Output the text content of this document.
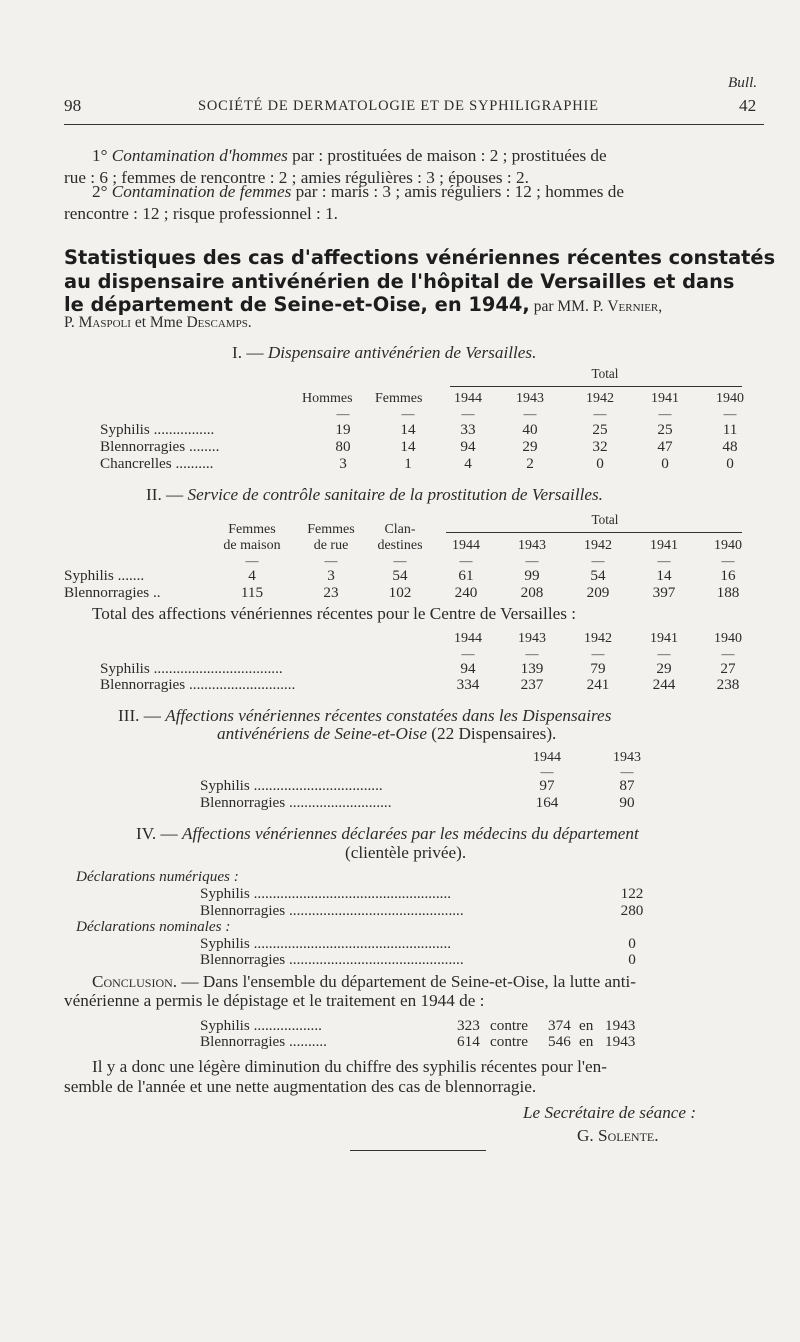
Bull.
98	SOCIÉTÉ DE DERMATOLOGIE ET DE SYPHILIGRAPHIE	42
1° Contamination d'hommes par : prostituées de maison : 2 ; prostituées de
rue : 6 ; femmes de rencontre : 2 ; amies régulières : 3 ; épouses : 2.
2° Contamination de femmes par : maris : 3 ; amis réguliers : 12 ; hommes de
rencontre : 12 ; risque professionnel : 1.
Statistiques des cas d'affections vénériennes récentes constatés
au dispensaire antivénérien de l'hôpital de Versailles et dans
le département de Seine-et-Oise, en 1944, par MM. P. Vernier,
P. Maspoli et Mme Descamps.
I. — Dispensaire antivénérien de Versailles.
Total
Hommes Femmes	1944	1943	1942	1941	1940
—	—	—	—	—	—	—
Syphilis ................	19	14	33	40	25	25	11
Blennorragies ........	80	14	94	29	32	47	48
Chancrelles ..........	3	1	4	2	0	0	0
II. — Service de contrôle sanitaire de la prostitution de Versailles.
Total
Femmes	Femmes	Clan-
de maison	de rue	destines	1944	1943	1942	1941	1940
—	—	—	—	—	—	—	—
Syphilis .......	4	3	54	61	99	54	14	16
Blennorragies ..	115	23	102	240	208	209	397	188
Total des affections vénériennes récentes pour le Centre de Versailles :
1944	1943	1942	1941	1940
—	—	—	—	—
Syphilis ..................................	94	139	79	29	27
Blennorragies ............................	334	237	241	244	238
III. — Affections vénériennes récentes constatées dans les Dispensaires
antivénériens de Seine-et-Oise (22 Dispensaires).
1944	1943
—	—
Syphilis ..................................	97	87
Blennorragies ...........................	164	90
IV. — Affections vénériennes déclarées par les médecins du département
(clientèle privée).
Déclarations numériques :
Syphilis ....................................................	122
Blennorragies ..............................................	280
Déclarations nominales :
Syphilis ....................................................	0
Blennorragies ..............................................	0
Conclusion. — Dans l'ensemble du département de Seine-et-Oise, la lutte anti-
vénérienne a permis le dépistage et le traitement en 1944 de :
Syphilis ..................	323 contre 374 en 1943
Blennorragies ..........	614 contre 546 en 1943
Il y a donc une légère diminution du chiffre des syphilis récentes pour l'en-
semble de l'année et une nette augmentation des cas de blennorragie.
Le Secrétaire de séance :
G. Solente.
